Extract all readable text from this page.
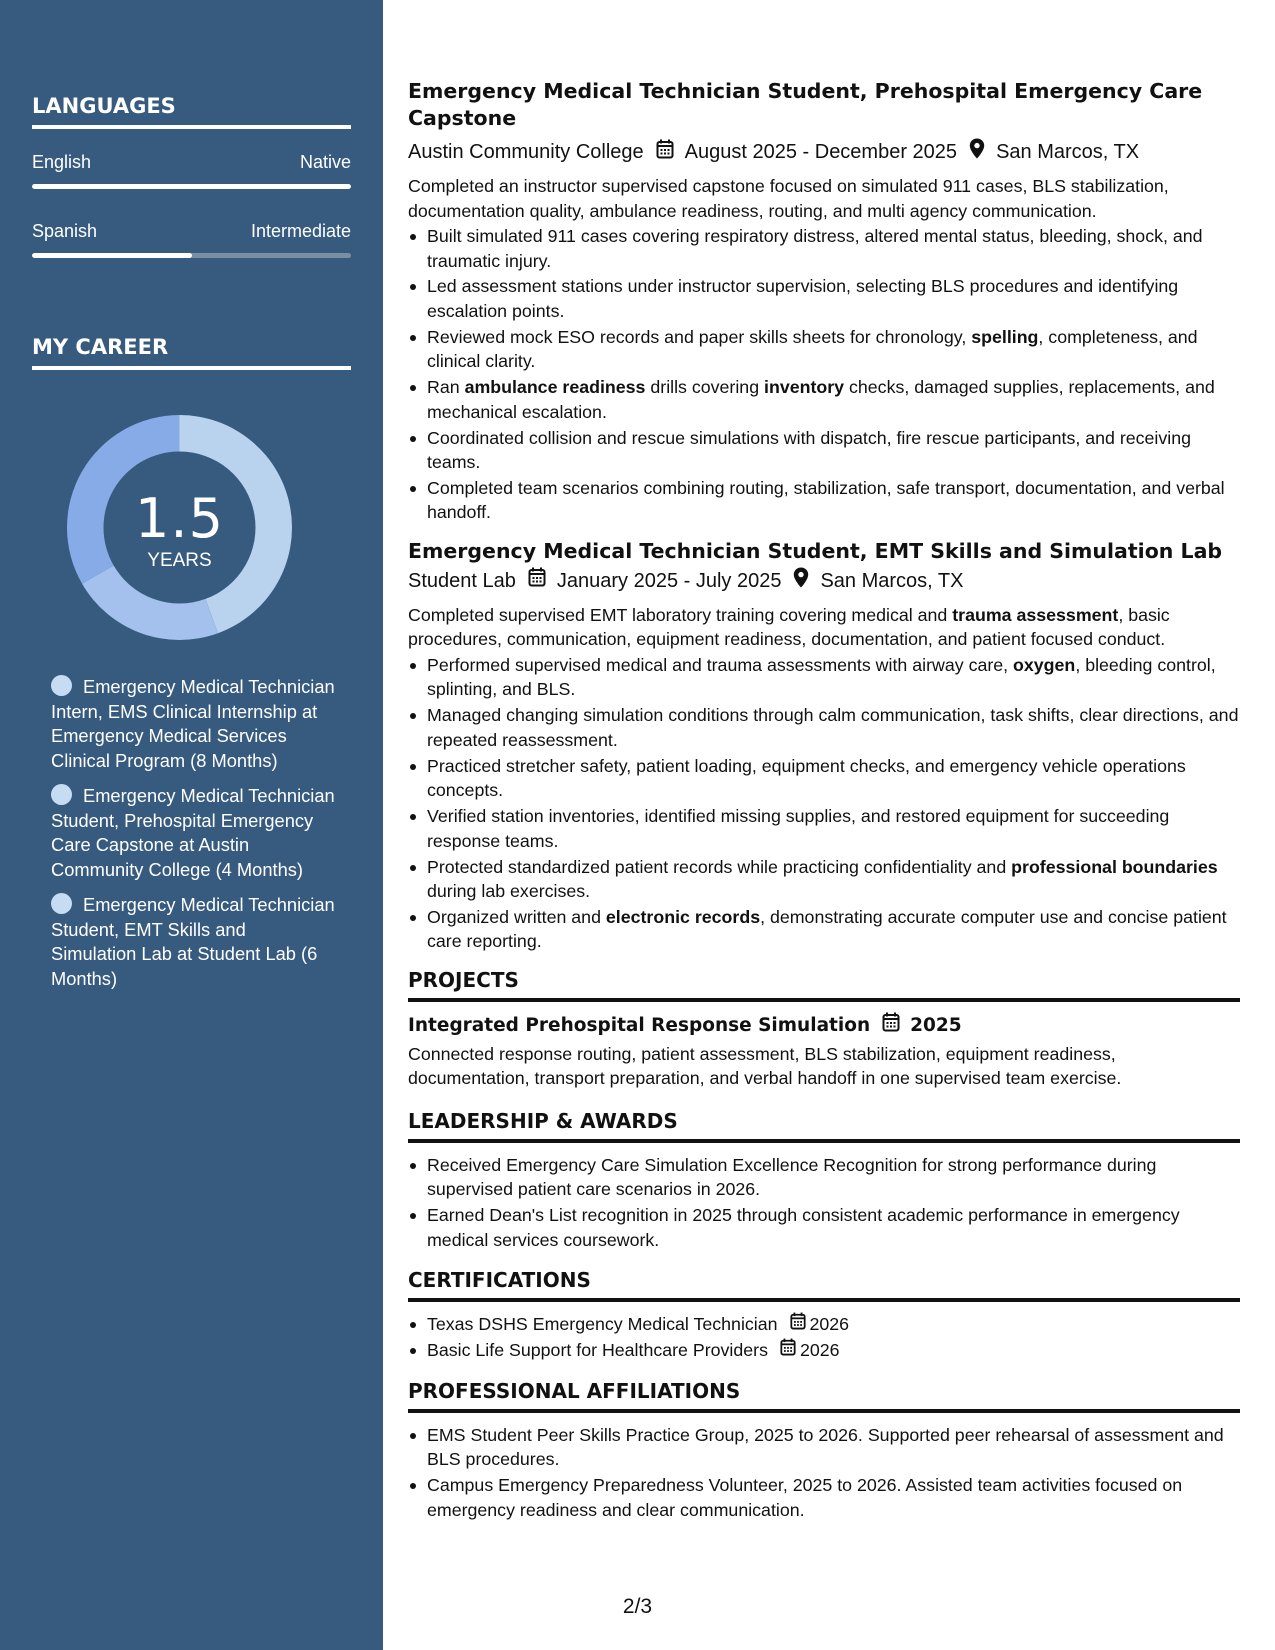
LANGUAGES
English	Native
Spanish	Intermediate
MY CAREER
1.5
YEARS
Emergency Medical Technician Intern, EMS Clinical Internship at Emergency Medical Services Clinical Program (8 Months)
Emergency Medical Technician Student, Prehospital Emergency Care Capstone at Austin Community College (4 Months)
Emergency Medical Technician Student, EMT Skills and Simulation Lab at Student Lab (6 Months)
Emergency Medical Technician Student, Prehospital Emergency Care Capstone
Austin Community College August 2025 - December 2025 San Marcos, TX

Completed an instructor supervised capstone focused on simulated 911 cases, BLS stabilization, documentation quality, ambulance readiness, routing, and multi agency communication.

Built simulated 911 cases covering respiratory distress, altered mental status, bleeding, shock, and traumatic injury.
Led assessment stations under instructor supervision, selecting BLS procedures and identifying escalation points.
Reviewed mock ESO records and paper skills sheets for chronology, spelling, completeness, and clinical clarity.
Ran ambulance readiness drills covering inventory checks, damaged supplies, replacements, and mechanical escalation.
Coordinated collision and rescue simulations with dispatch, fire rescue participants, and receiving teams.
Completed team scenarios combining routing, stabilization, safe transport, documentation, and verbal handoff.
Emergency Medical Technician Student, EMT Skills and Simulation Lab
Student Lab January 2025 - July 2025 San Marcos, TX

Completed supervised EMT laboratory training covering medical and trauma assessment, basic procedures, communication, equipment readiness, documentation, and patient focused conduct.

Performed supervised medical and trauma assessments with airway care, oxygen, bleeding control, splinting, and BLS.
Managed changing simulation conditions through calm communication, task shifts, clear directions, and repeated reassessment.
Practiced stretcher safety, patient loading, equipment checks, and emergency vehicle operations concepts.
Verified station inventories, identified missing supplies, and restored equipment for succeeding response teams.
Protected standardized patient records while practicing confidentiality and professional boundaries during lab exercises.
Organized written and electronic records, demonstrating accurate computer use and concise patient care reporting.
PROJECTS
Integrated Prehospital Response Simulation 2025

Connected response routing, patient assessment, BLS stabilization, equipment readiness, documentation, transport preparation, and verbal handoff in one supervised team exercise.

LEADERSHIP & AWARDS
Received Emergency Care Simulation Excellence Recognition for strong performance during supervised patient care scenarios in 2026.
Earned Dean's List recognition in 2025 through consistent academic performance in emergency medical services coursework.
CERTIFICATIONS
Texas DSHS Emergency Medical Technician 2026
Basic Life Support for Healthcare Providers 2026
PROFESSIONAL AFFILIATIONS
EMS Student Peer Skills Practice Group, 2025 to 2026. Supported peer rehearsal of assessment and BLS procedures.
Campus Emergency Preparedness Volunteer, 2025 to 2026. Assisted team activities focused on emergency readiness and clear communication.
2/3
